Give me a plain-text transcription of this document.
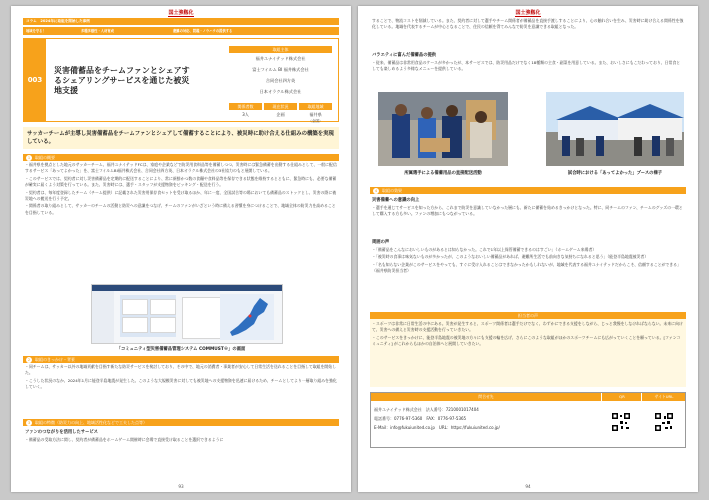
国土強靱化
コラム　2024年に取組を開始した事例
地域を守る！	多種多様性・人材育成	避難の対応、問題・ノウハウの提供する
003
災害備蓄品をチームファンとシェアするシェアリングサービスを通じた被災地支援
取組主体
福井ユナイテッド株式会社
富士フイルム BI 福井株式会社
合同会社四方英
日本オラクル株式会社
関係者数	現在状況	取組地域
3人	企画	福井県
（全国）
サッカーチームが主導し災害備蓄品をチームファンとシェアして備蓄することにより、被災時に助け合える仕組みの構築を実現している。
1 取組の概要

・福井県を拠点とした地元のサッカーチーム、福井ユナイテッドFCは、家庭や企業などで防災用食料品等を備蓄しつつ、災害時には緊急備蓄を出動する仕組みとして、一般に配信するサービス「あってよかった」を、富士フイルムBI福井株式会社、合同会社四方英、日本オラクル株式会社の3社協力のもと展開している。

・このサービスでは、契約者に対し災害備蓄品を定期的に配送することにより、常に新鮮かつ数の食糧や食料品等を保存できる状態を維持するとともに、緊急時にも、必要な備蓄が確実に届くよう対策を行っている。また、災害時には、選手・スタッフが支援物資をピッキング・配送を行う。

・契約者は、毎年度登録したチーム（チーム提供）に記載された災害用保存食セットを受け取るほか、年に一度、全国試合等の場においても備蓄品のストックとし、災害の際に被災地への搬送を行う予定。

・関係者の取り組みとして、サッカーのチームの活動と防災への意識をつなげ、チームのファンがいざという時に備える習慣を身につけることで、地域全体の防災力を高めることを目指している。

「コミュニティ型災害備蓄品管理システム COMMUST®」の画面
2 取組のきっかけ・背景

・同チームは、サッカー以外の地域貢献を目指す新たな防災サービスを検討しており、その中で、地元の消費者・事業者が安心して日常生活を送れることを目指して取組を開始した。

・こうした状況のなか、2024年1月に能登半島地震が発生した。このような大規模災害に対しても被災地への支援物資を迅速に届けるため、チームとしてより一層取り組みを強化していく。

3 取組の特徴（防災力の向上、地域活性化などで工夫した点等）
ファンのつながりを活用したサービス
・備蓄品の受取方法に関し、契約者が備蓄品をホームゲーム開催時に会場で直接受け取ることを選択できるように
93
国土強靱化
することで、物流コストを削減している。また、契約者に対して選手やチーム関係者が備蓄品を直接手渡しすることにより、心の触れ合いを生み、災害時に助け合える関係性を強化している。地域を代表するチームが中心となることで、住民の信頼を得てみんなで防災を意識できる取組となった。
バラエティに富んだ備蓄品の提供
・従来、備蓄品は非常用食品のケースが多かったが、本サービスでは、防災用品だけでなく18種類の主食・副菜を用意している。また、おいしさにもこだわっており、日常食としても楽しめるよう多様なメニューを提供している。
所属選手による備蓄用品の直接配送活動	試合時における「あってよかった」ブースの様子
4 取組の効果
災害備蓄への意識の向上
・選手を通じてサービスを知った方から、これまで防災を意識していなかった層にも、新たに備蓄を始めるきっかけとなった。特に、同チームのファン、チームのグッズの一環として購入する方も多い。ファンの増加にもつながっている。
周囲の声

・「備蓄品をこんなにおいしいものがあるとは知らなかった。これで1年以上保管備蓄できるのはすごい」（ホームゲーム来場者）

・「被災時の食事は味気ないものが多かったが、このようなおいしい備蓄品があれば、避難所生活でも前向きな気持ちになれると思う」（能登半島地震被災者）

・「名も知らない企業がこのサービスをやっても、すぐに受け入れることはできなかったかもしれないが、地域を代表する福井ユナイテッドだからこそ、信頼することができる」（福井県防災担当者）

担当者の声

・スポーツは非常に日常生活の中にある。災害が発生すると、スポーツ関係者は選手だけでなく、わずかにできる支援をしながら、じっと我慢をしなければならない。未来に向けて、災害への備えと災害時の支援活動を行っていきたい。

・このサービスをきっかけに、能登半島地震の被災地の方々にも支援の輪を広げ、さらにこのような取組がほかのスポーツチームにも広がっていくことを願っている。[ファンコミュニティ] がこれからもほかの自治体へと展開していきたい。

問合せ先	QR	サイトURL
福井ユナイテッド株式会社　法人番号：7210001017404
電話番号：0776-97-5360　FAX：0776-97-5365
E-Mail：info@fukuiunited.co.jp　URL：https://fukuiunited.co.jp/
94
